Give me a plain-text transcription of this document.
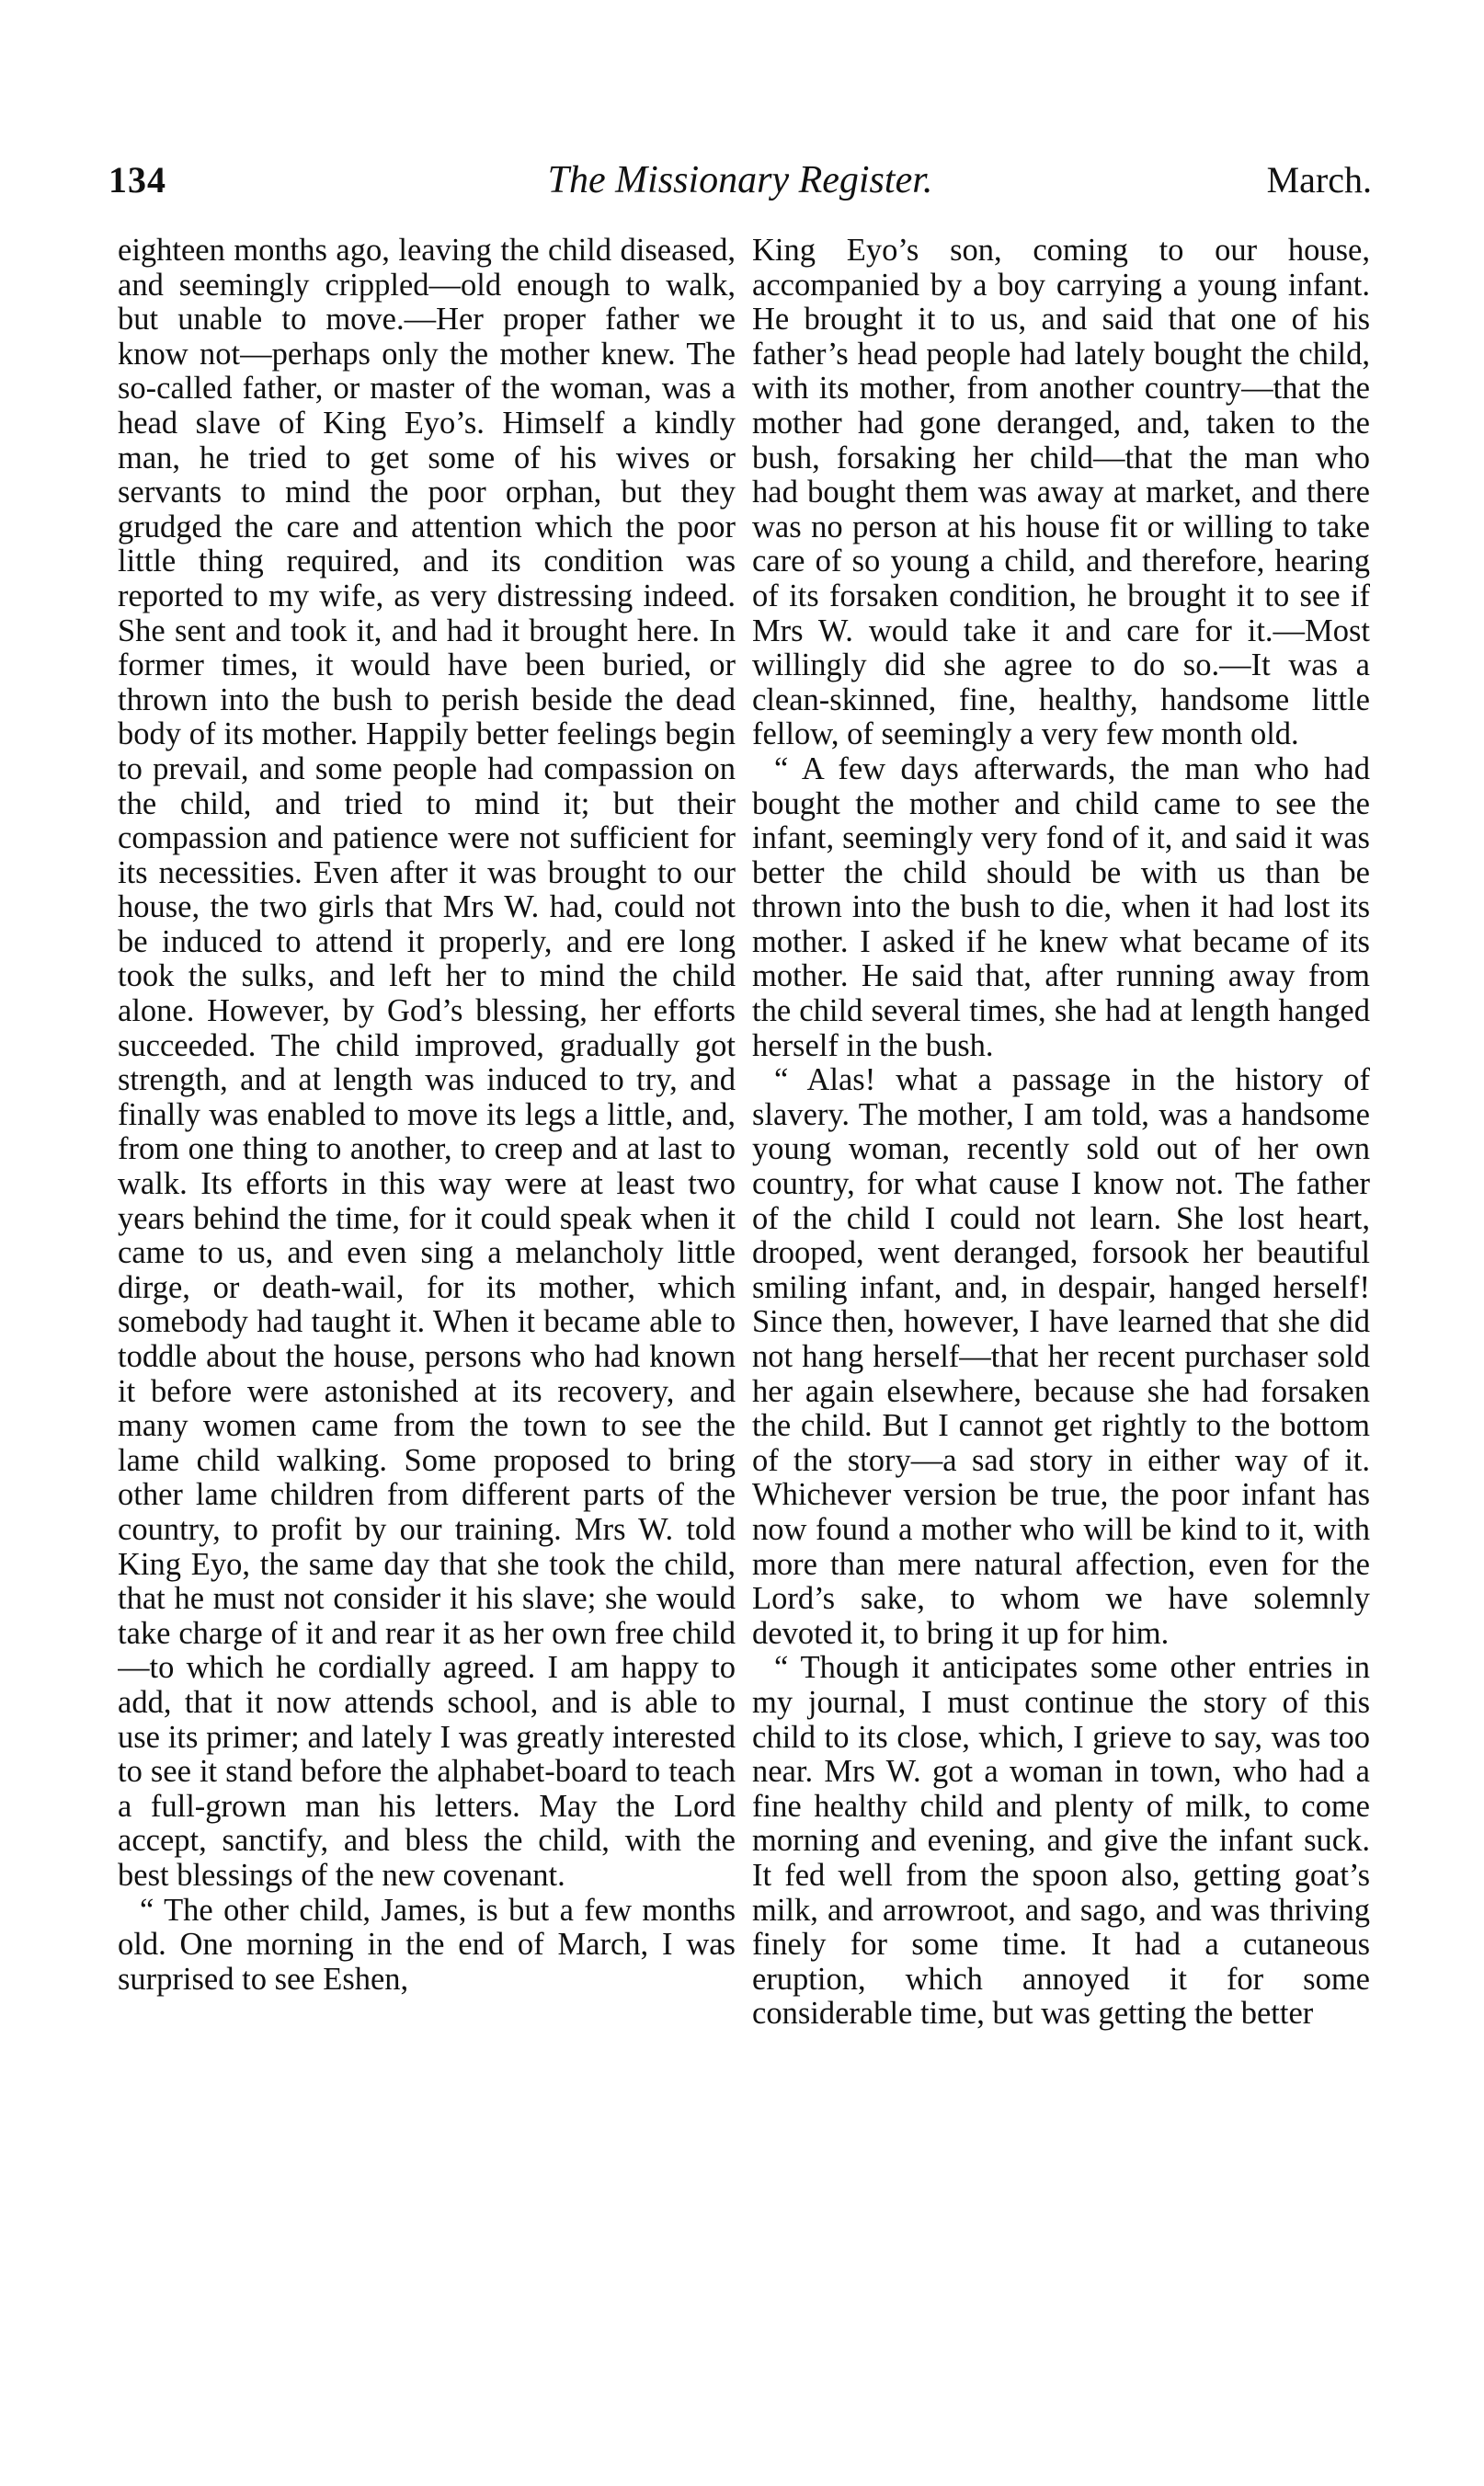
134	The Missionary Register.	March.

eighteen months ago, leaving the child diseased, and seemingly crippled—old enough to walk, but unable to move.—Her proper father we know not—perhaps only the mother knew. The so-called father, or master of the woman, was a head slave of King Eyo’s. Himself a kindly man, he tried to get some of his wives or servants to mind the poor orphan, but they grudged the care and attention which the poor little thing required, and its condition was reported to my wife, as very distressing indeed. She sent and took it, and had it brought here. In former times, it would have been buried, or thrown into the bush to perish beside the dead body of its mother. Happily better feelings begin to prevail, and some people had compassion on the child, and tried to mind it; but their compassion and patience were not sufficient for its necessities. Even after it was brought to our house, the two girls that Mrs W. had, could not be induced to attend it properly, and ere long took the sulks, and left her to mind the child alone. However, by God’s blessing, her efforts succeeded. The child improved, gradually got strength, and at length was induced to try, and finally was enabled to move its legs a little, and, from one thing to another, to creep and at last to walk. Its efforts in this way were at least two years behind the time, for it could speak when it came to us, and even sing a melancholy little dirge, or death-wail, for its mother, which somebody had taught it. When it became able to toddle about the house, persons who had known it before were astonished at its recovery, and many women came from the town to see the lame child walking. Some proposed to bring other lame children from different parts of the country, to profit by our training. Mrs W. told King Eyo, the same day that she took the child, that he must not consider it his slave; she would take charge of it and rear it as her own free child—to which he cordially agreed. I am happy to add, that it now attends school, and is able to use its primer; and lately I was greatly interested to see it stand before the alphabet-board to teach a full-grown man his letters. May the Lord accept, sanctify, and bless the child, with the best blessings of the new covenant.

“ The other child, James, is but a few months old. One morning in the end of March, I was surprised to see Eshen,

King Eyo’s son, coming to our house, accompanied by a boy carrying a young infant. He brought it to us, and said that one of his father’s head people had lately bought the child, with its mother, from another country—that the mother had gone deranged, and, taken to the bush, forsaking her child—that the man who had bought them was away at market, and there was no person at his house fit or willing to take care of so young a child, and therefore, hearing of its forsaken condition, he brought it to see if Mrs W. would take it and care for it.—Most willingly did she agree to do so.—It was a clean-skinned, fine, healthy, handsome little fellow, of seemingly a very few month old.

“ A few days afterwards, the man who had bought the mother and child came to see the infant, seemingly very fond of it, and said it was better the child should be with us than be thrown into the bush to die, when it had lost its mother. I asked if he knew what became of its mother. He said that, after running away from the child several times, she had at length hanged herself in the bush.

“ Alas! what a passage in the history of slavery. The mother, I am told, was a handsome young woman, recently sold out of her own country, for what cause I know not. The father of the child I could not learn. She lost heart, drooped, went deranged, forsook her beautiful smiling infant, and, in despair, hanged herself! Since then, however, I have learned that she did not hang herself—that her recent purchaser sold her again elsewhere, because she had forsaken the child. But I cannot get rightly to the bottom of the story—a sad story in either way of it. Whichever version be true, the poor infant has now found a mother who will be kind to it, with more than mere natural affection, even for the Lord’s sake, to whom we have solemnly devoted it, to bring it up for him.

“ Though it anticipates some other entries in my journal, I must continue the story of this child to its close, which, I grieve to say, was too near. Mrs W. got a woman in town, who had a fine healthy child and plenty of milk, to come morning and evening, and give the infant suck. It fed well from the spoon also, getting goat’s milk, and arrowroot, and sago, and was thriving finely for some time. It had a cutaneous eruption, which annoyed it for some considerable time, but was getting the better
